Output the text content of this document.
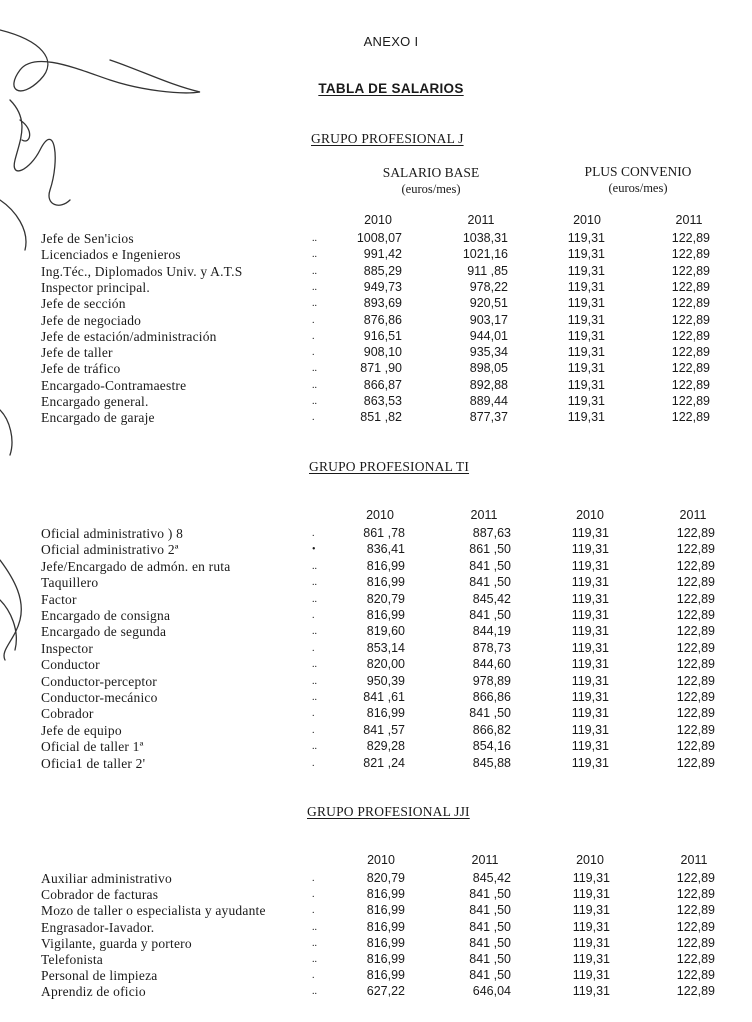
ANEXO I
TABLA DE SALARIOS
GRUPO PROFESIONAL J
SALARIO BASE
(euros/mes)
PLUS CONVENIO
(euros/mes)
2010	2011	2010	2011
Jefe de Sen'icios	..	1008,07	1038,31	119,31	122,89
Licenciados e Ingenieros	..	991,42	1021,16	119,31	122,89
Ing.Téc., Diplomados Univ. y A.T.S	..	885,29	911 ,85	119,31	122,89
Inspector principal.	..	949,73	978,22	119,31	122,89
Jefe de sección	..	893,69	920,51	119,31	122,89
Jefe de negociado	.	876,86	903,17	119,31	122,89
Jefe de estación/administración	.	916,51	944,01	119,31	122,89
Jefe de taller	.	908,10	935,34	119,31	122,89
Jefe de tráfico	..	871 ,90	898,05	119,31	122,89
Encargado-Contramaestre	..	866,87	892,88	119,31	122,89
Encargado general.	..	863,53	889,44	119,31	122,89
Encargado de garaje	.	851 ,82	877,37	119,31	122,89
GRUPO PROFESIONAL TI
2010	2011	2010	2011
Oficial administrativo ) 8	.	861 ,78	887,63	119,31	122,89
Oficial administrativo 2ª	•	836,41	861 ,50	119,31	122,89
Jefe/Encargado de admón. en ruta	..	816,99	841 ,50	119,31	122,89
Taquillero	..	816,99	841 ,50	119,31	122,89
Factor	..	820,79	845,42	119,31	122,89
Encargado de consigna	.	816,99	841 ,50	119,31	122,89
Encargado de segunda	..	819,60	844,19	119,31	122,89
Inspector	.	853,14	878,73	119,31	122,89
Conductor	..	820,00	844,60	119,31	122,89
Conductor-perceptor	..	950,39	978,89	119,31	122,89
Conductor-mecánico	..	841 ,61	866,86	119,31	122,89
Cobrador	.	816,99	841 ,50	119,31	122,89
Jefe de equipo	.	841 ,57	866,82	119,31	122,89
Oficial de taller 1ª	..	829,28	854,16	119,31	122,89
Oficia1 de taller 2'	.	821 ,24	845,88	119,31	122,89
GRUPO PROFESIONAL JJI
2010	2011	2010	2011
Auxiliar administrativo	.	820,79	845,42	119,31	122,89
Cobrador de facturas	.	816,99	841 ,50	119,31	122,89
Mozo de taller o especialista y ayudante	.	816,99	841 ,50	119,31	122,89
Engrasador-Iavador.	..	816,99	841 ,50	119,31	122,89
Vigilante, guarda y portero	..	816,99	841 ,50	119,31	122,89
Telefonista	..	816,99	841 ,50	119,31	122,89
Personal de limpieza	.	816,99	841 ,50	119,31	122,89
Aprendiz de oficio	..	627,22	646,04	119,31	122,89
